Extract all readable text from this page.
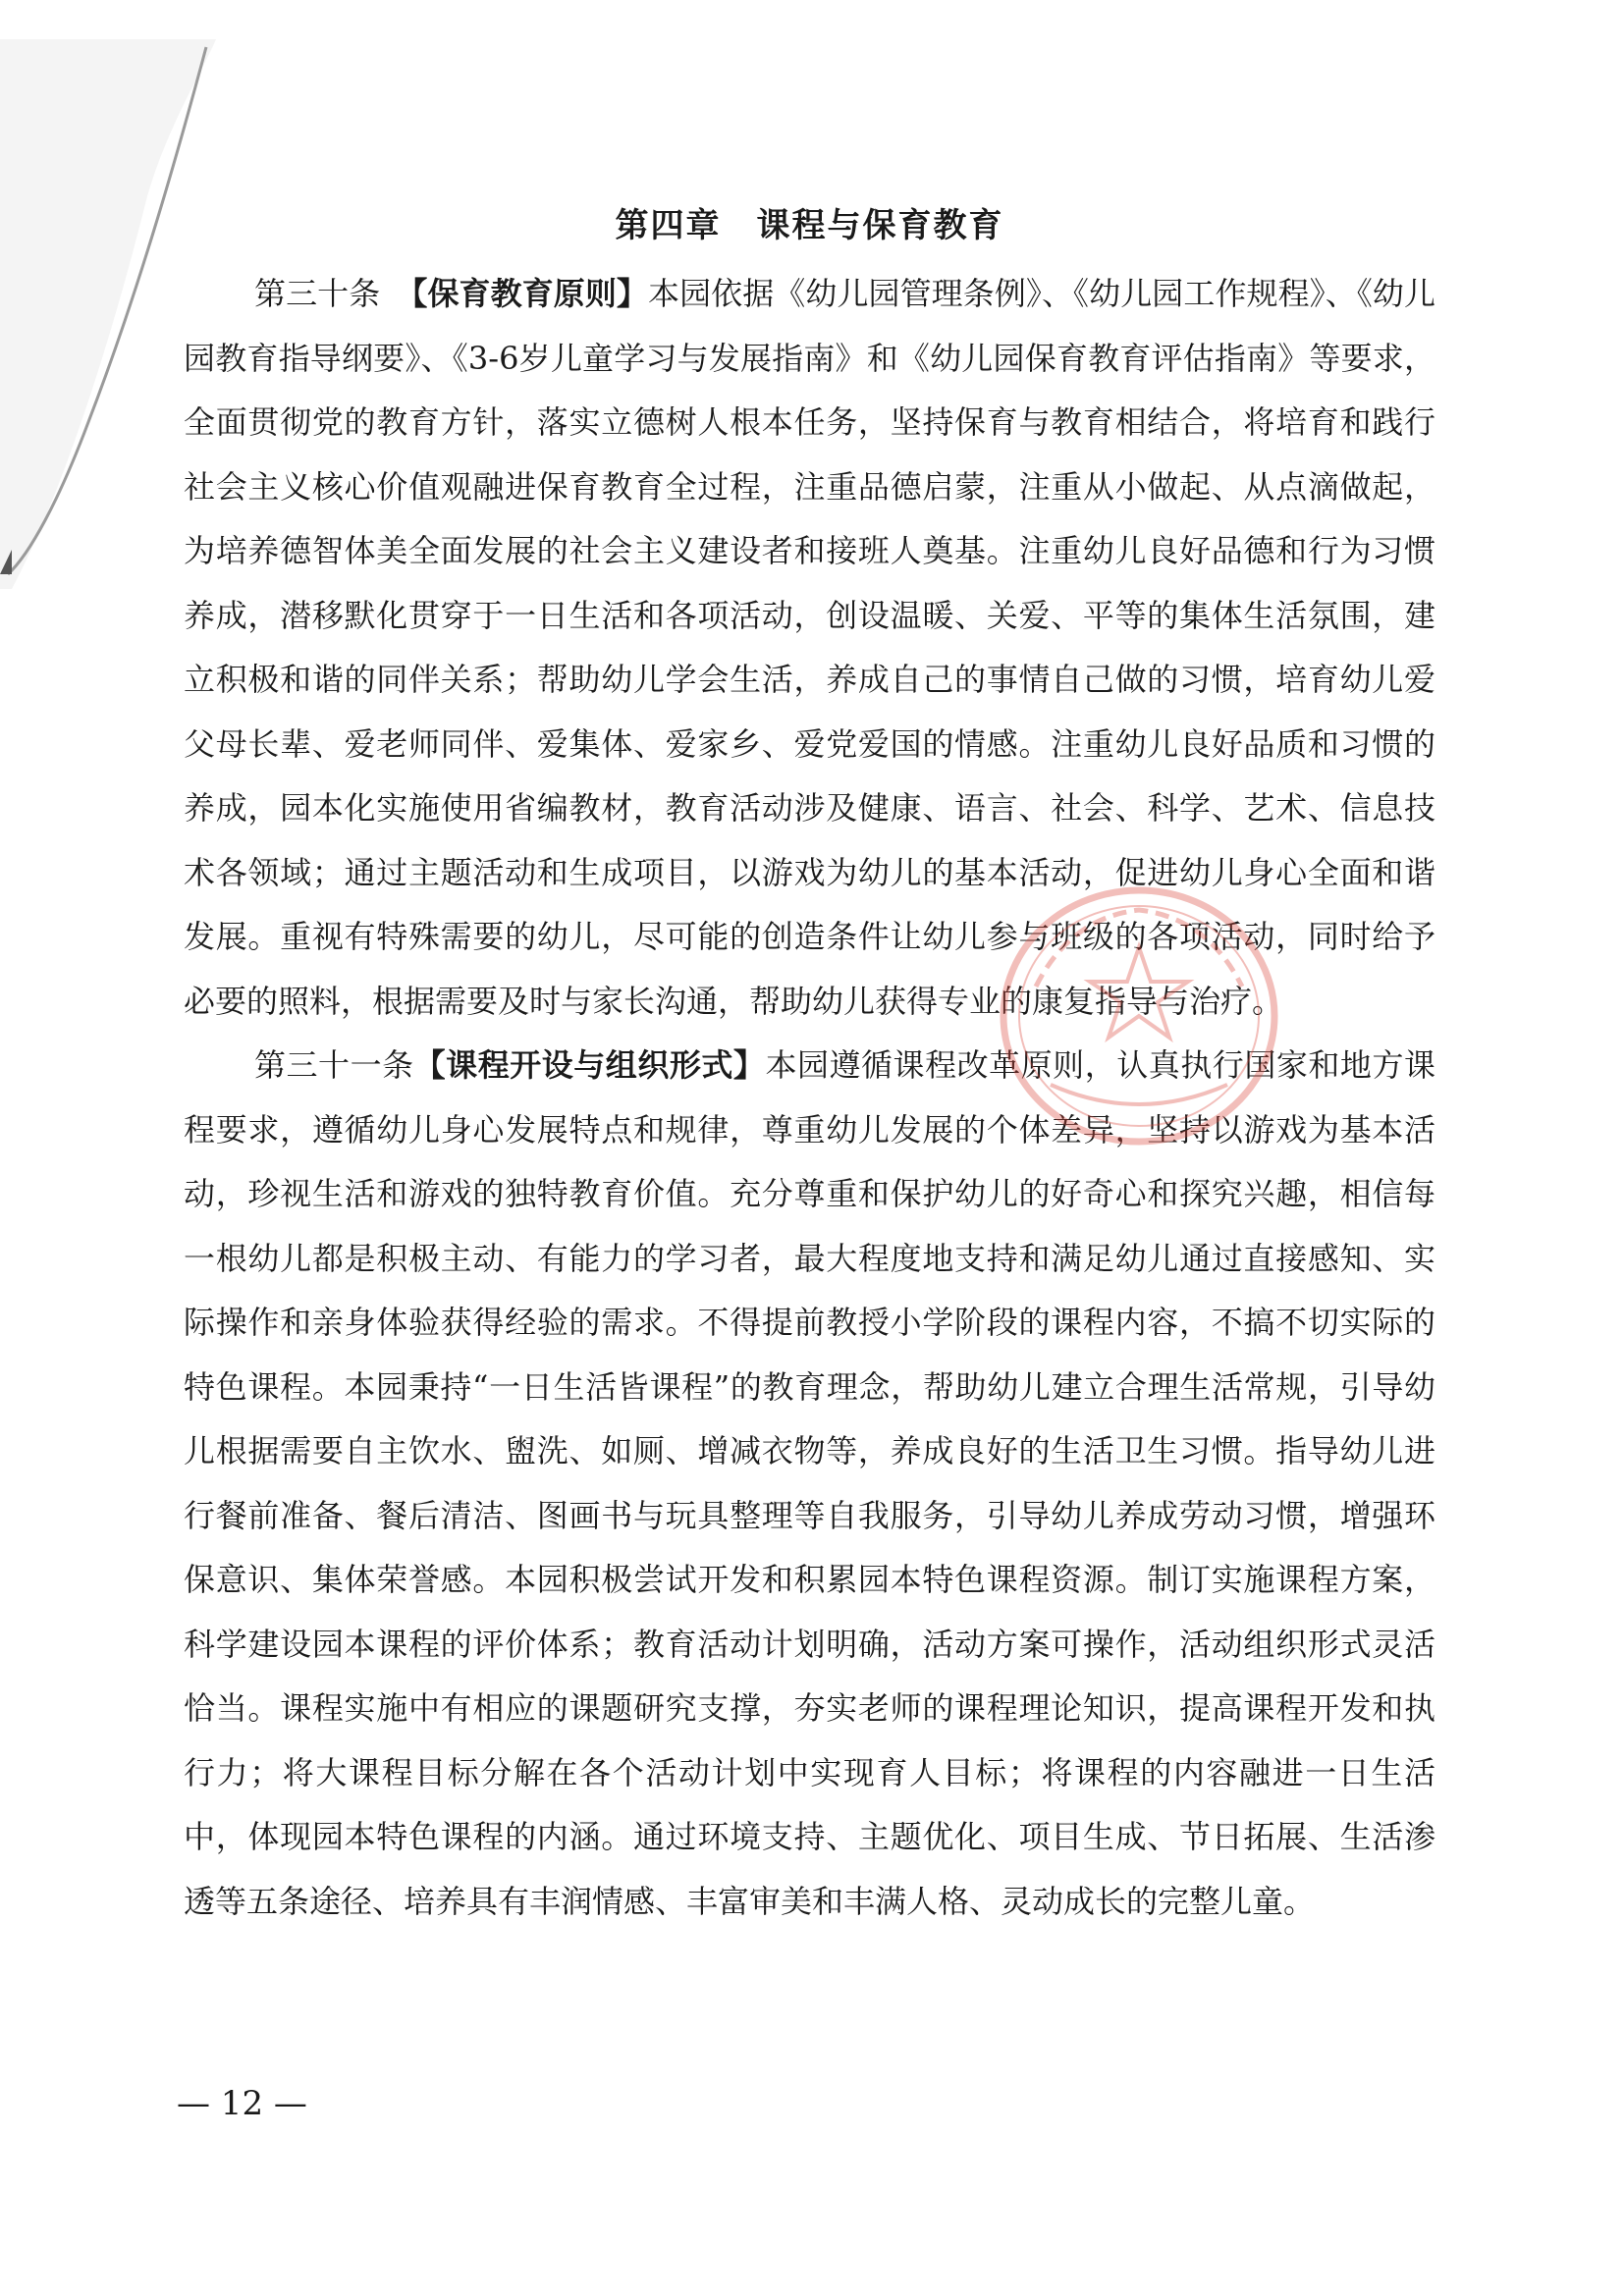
第四章　课程与保育教育

第三十条　【保育教育原则】本园依据《幼儿园管理条例》、《幼儿园工作规程》、《幼儿园教育指导纲要》、《3-6岁儿童学习与发展指南》和《幼儿园保育教育评估指南》等要求，全面贯彻党的教育方针，落实立德树人根本任务，坚持保育与教育相结合，将培育和践行社会主义核心价值观融进保育教育全过程，注重品德启蒙，注重从小做起、从点滴做起，为培养德智体美全面发展的社会主义建设者和接班人奠基。注重幼儿良好品德和行为习惯养成，潜移默化贯穿于一日生活和各项活动，创设温暖、关爱、平等的集体生活氛围，建立积极和谐的同伴关系；帮助幼儿学会生活，养成自己的事情自己做的习惯，培育幼儿爱父母长辈、爱老师同伴、爱集体、爱家乡、爱党爱国的情感。注重幼儿良好品质和习惯的养成，园本化实施使用省编教材，教育活动涉及健康、语言、社会、科学、艺术、信息技术各领域；通过主题活动和生成项目，以游戏为幼儿的基本活动，促进幼儿身心全面和谐发展。重视有特殊需要的幼儿，尽可能的创造条件让幼儿参与班级的各项活动，同时给予必要的照料，根据需要及时与家长沟通，帮助幼儿获得专业的康复指导与治疗。

第三十一条【课程开设与组织形式】本园遵循课程改革原则，认真执行国家和地方课程要求，遵循幼儿身心发展特点和规律，尊重幼儿发展的个体差异，坚持以游戏为基本活动，珍视生活和游戏的独特教育价值。充分尊重和保护幼儿的好奇心和探究兴趣，相信每一根幼儿都是积极主动、有能力的学习者，最大程度地支持和满足幼儿通过直接感知、实际操作和亲身体验获得经验的需求。不得提前教授小学阶段的课程内容，不搞不切实际的特色课程。本园秉持“一日生活皆课程”的教育理念，帮助幼儿建立合理生活常规，引导幼儿根据需要自主饮水、盥洗、如厕、增减衣物等，养成良好的生活卫生习惯。指导幼儿进行餐前准备、餐后清洁、图画书与玩具整理等自我服务，引导幼儿养成劳动习惯，增强环保意识、集体荣誉感。本园积极尝试开发和积累园本特色课程资源。制订实施课程方案，科学建设园本课程的评价体系；教育活动计划明确，活动方案可操作，活动组织形式灵活恰当。课程实施中有相应的课题研究支撑，夯实老师的课程理论知识，提高课程开发和执行力；将大课程目标分解在各个活动计划中实现育人目标；将课程的内容融进一日生活中，体现园本特色课程的内涵。通过环境支持、主题优化、项目生成、节日拓展、生活渗透等五条途径、培养具有丰润情感、丰富审美和丰满人格、灵动成长的完整儿童。

— 12 —
